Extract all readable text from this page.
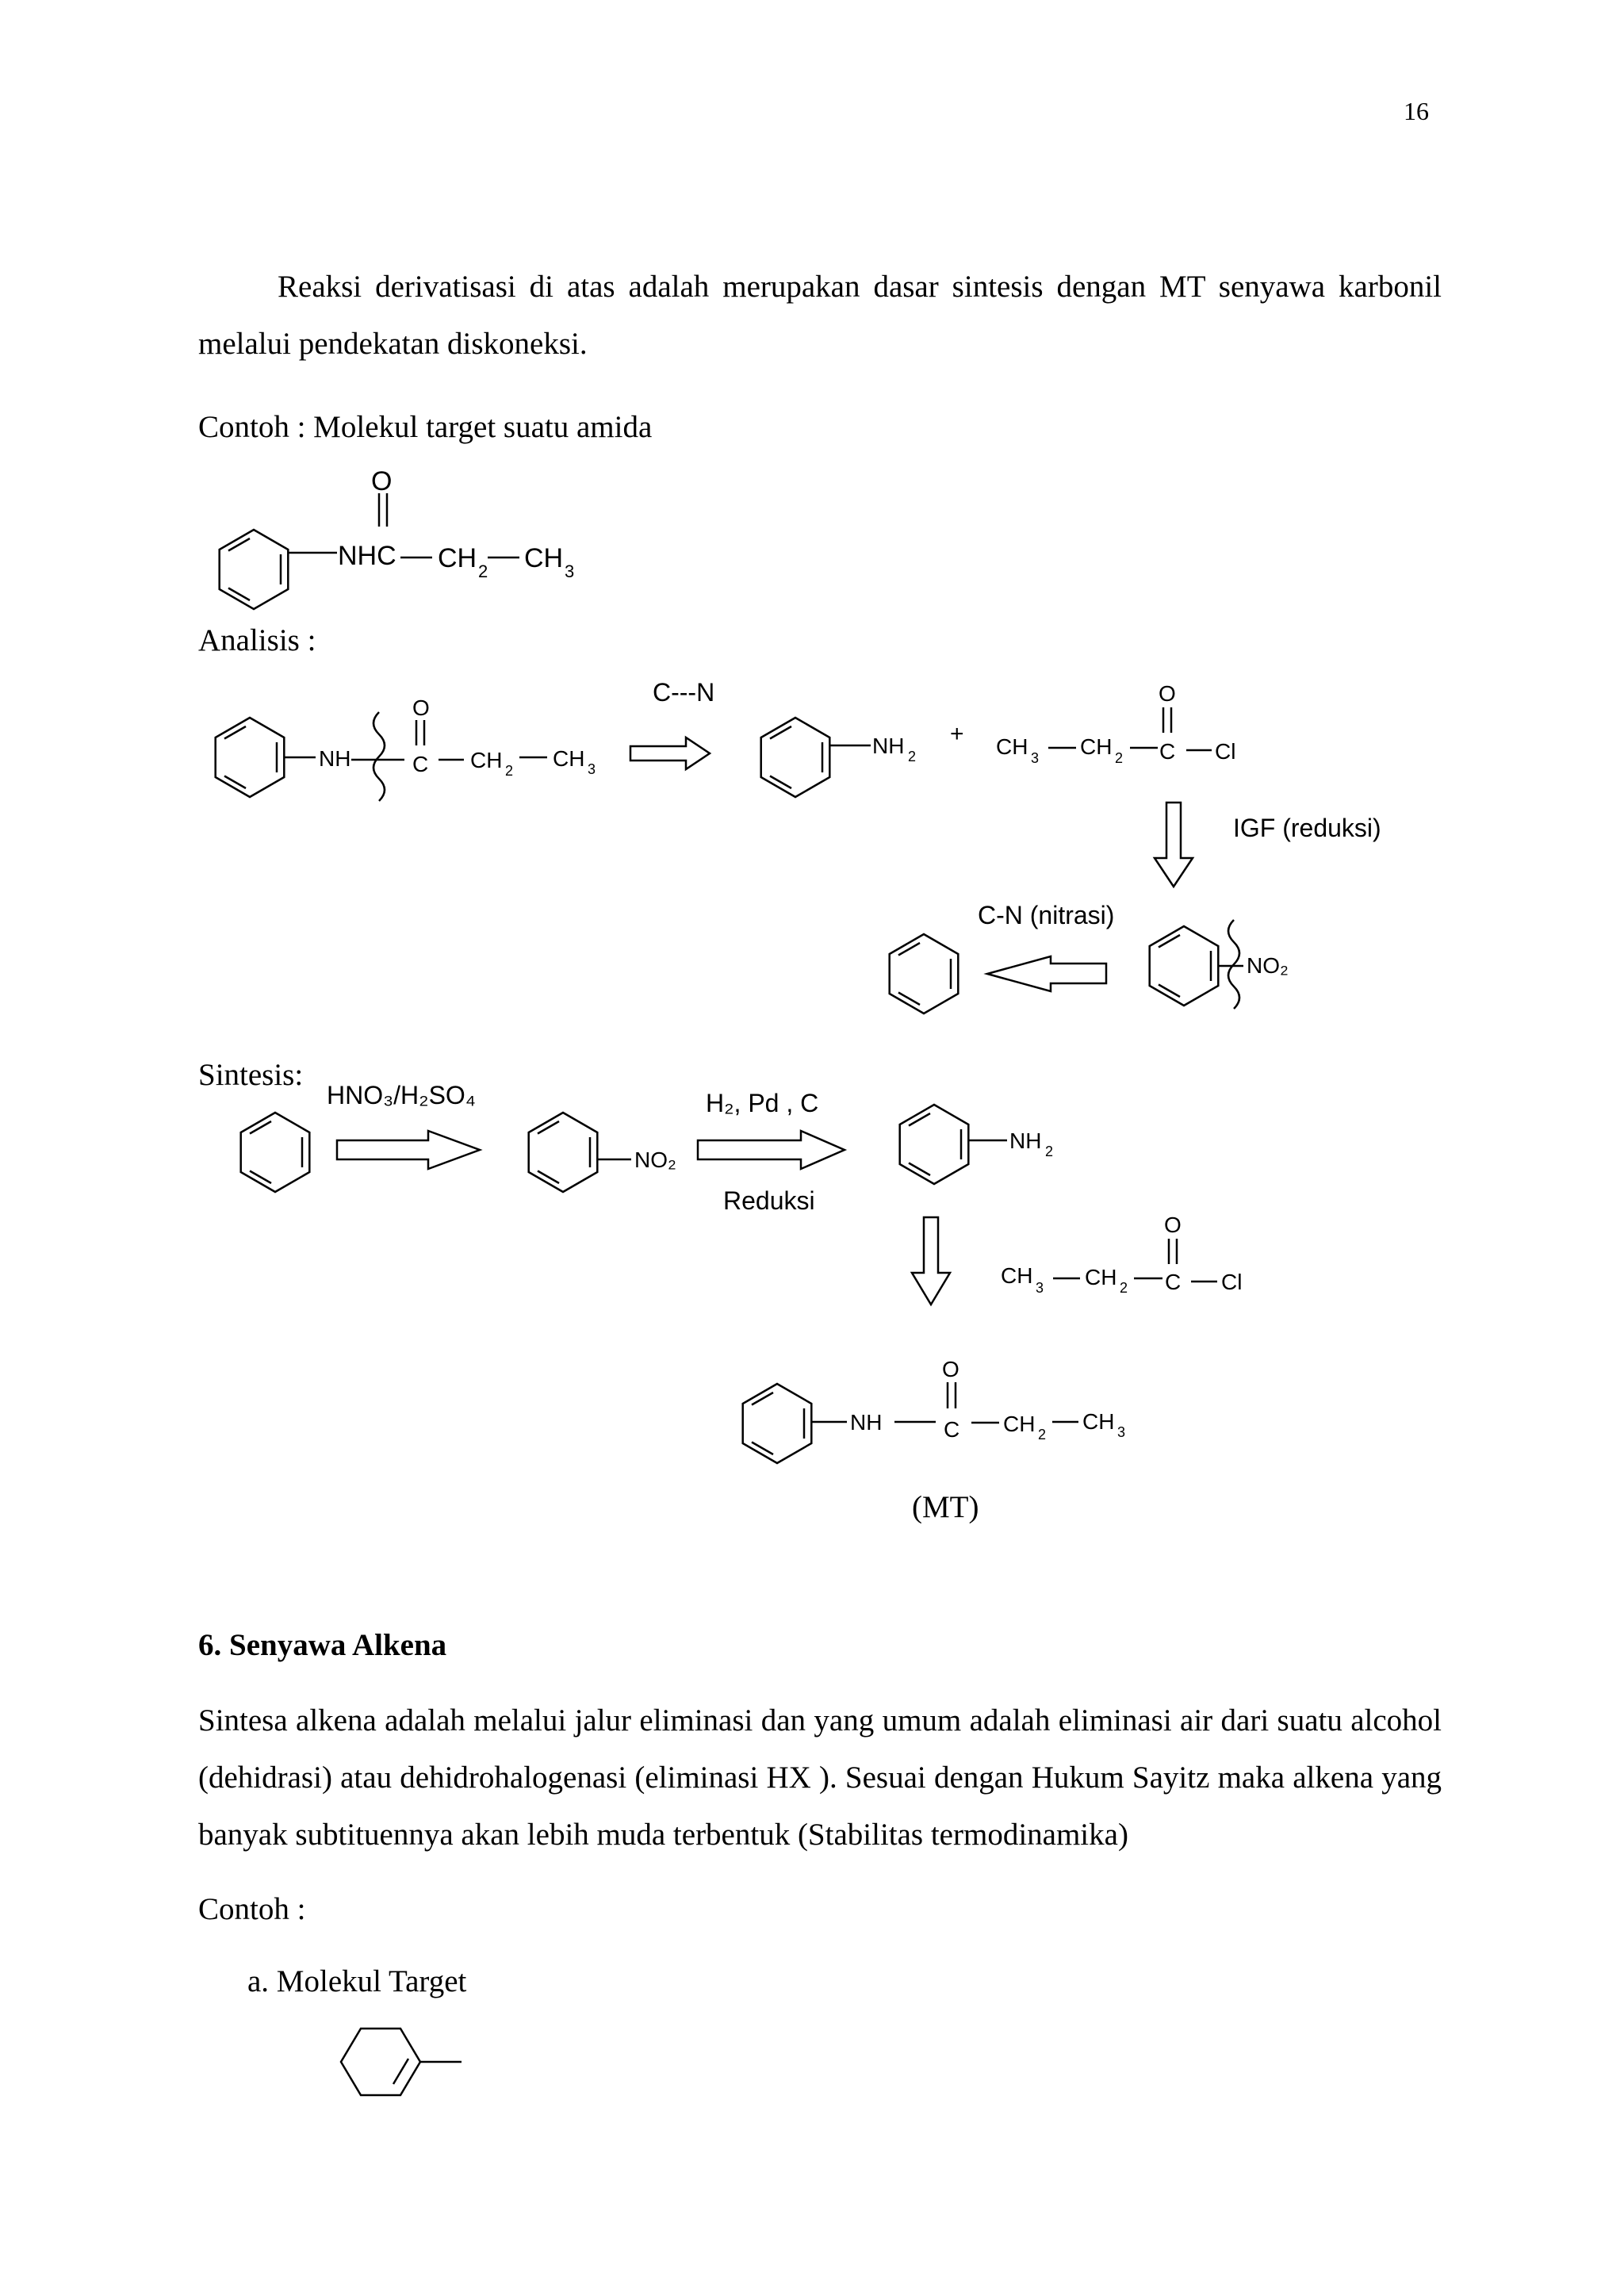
16
Reaksi derivatisasi di atas adalah merupakan dasar sintesis dengan MT senyawa karbonil melalui pendekatan diskoneksi.
Contoh : Molekul target suatu amida
Analisis :
Sintesis:
(MT)
6. Senyawa Alkena
Sintesa alkena adalah melalui jalur eliminasi dan yang umum adalah eliminasi air dari suatu alcohol (dehidrasi) atau dehidrohalogenasi (eliminasi HX ). Sesuai dengan Hukum Sayitz maka alkena yang banyak subtituennya akan lebih muda terbentuk (Stabilitas termodinamika)
Contoh :
a. Molekul Target
NHC
O
CH 2 CH 3
NH
O
C CH 2 CH 3
C---N
NH 2
+ CH 3 CH 2 C
O
Cl
IGF (reduksi)
C-N (nitrasi)
NO₂
HNO₃/H₂SO₄
NO₂
H₂, Pd , C
Reduksi
NH 2
CH 3 CH 2 C
O
Cl
NH	C
O
CH 2
CH 3
